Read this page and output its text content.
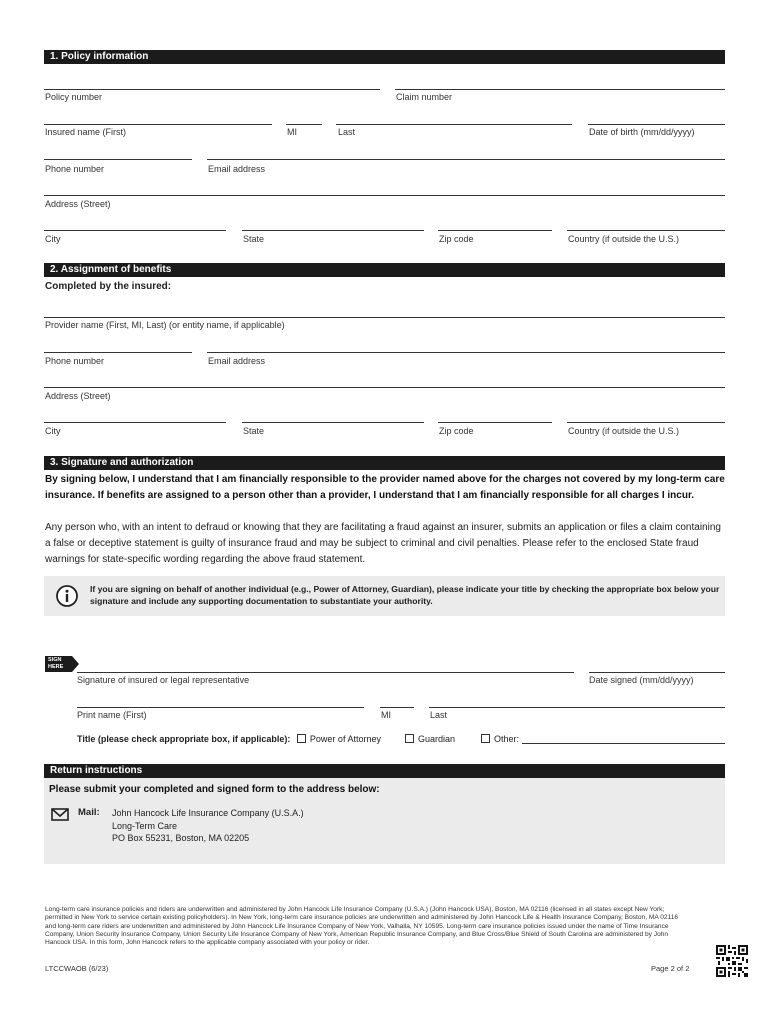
1. Policy information
Policy number	Claim number
Insured name (First)	MI	Last	Date of birth (mm/dd/yyyy)
Phone number	Email address
Address (Street)
City	State	Zip code	Country (if outside the U.S.)
2. Assignment of benefits
Completed by the insured:
Provider name (First, MI, Last) (or entity name, if applicable)
Phone number	Email address
Address (Street)
City	State	Zip code	Country (if outside the U.S.)
3. Signature and authorization
By signing below, I understand that I am financially responsible to the provider named above for the charges not covered by my long-term care insurance. If benefits are assigned to a person other than a provider, I understand that I am financially responsible for all charges I incur.
Any person who, with an intent to defraud or knowing that they are facilitating a fraud against an insurer, submits an application or files a claim containing a false or deceptive statement is guilty of insurance fraud and may be subject to criminal and civil penalties. Please refer to the enclosed State fraud warnings for state-specific wording regarding the above fraud statement.
If you are signing on behalf of another individual (e.g., Power of Attorney, Guardian), please indicate your title by checking the appropriate box below your signature and include any supporting documentation to substantiate your authority.
SIGN
HERE
Signature of insured or legal representative	Date signed (mm/dd/yyyy)
Print name (First)	MI	Last
Title (please check appropriate box, if applicable): Power of Attorney	Guardian	Other:
Return instructions
Please submit your completed and signed form to the address below:
Mail: John Hancock Life Insurance Company (U.S.A.)
Long-Term Care
PO Box 55231, Boston, MA 02205
Long-term care insurance policies and riders are underwritten and administered by John Hancock Life Insurance Company (U.S.A.) (John Hancock USA), Boston, MA 02116 (licensed in all states except New York; permitted in New York to service certain existing policyholders). In New York, long-term care insurance policies are underwritten and administered by John Hancock Life & Health Insurance Company, Boston, MA 02116 and long-term care riders are underwritten and administered by John Hancock Life Insurance Company of New York, Valhalla, NY 10595. Long-term care insurance policies issued under the name of Time Insurance Company, Union Security Insurance Company, Union Security Life Insurance Company of New York, American Republic Insurance Company, and Blue Cross/Blue Shield of South Carolina are administered by John Hancock USA. In this form, John Hancock refers to the applicable company associated with your policy or rider.
LTCCWAOB (6/23)	Page 2 of 2
